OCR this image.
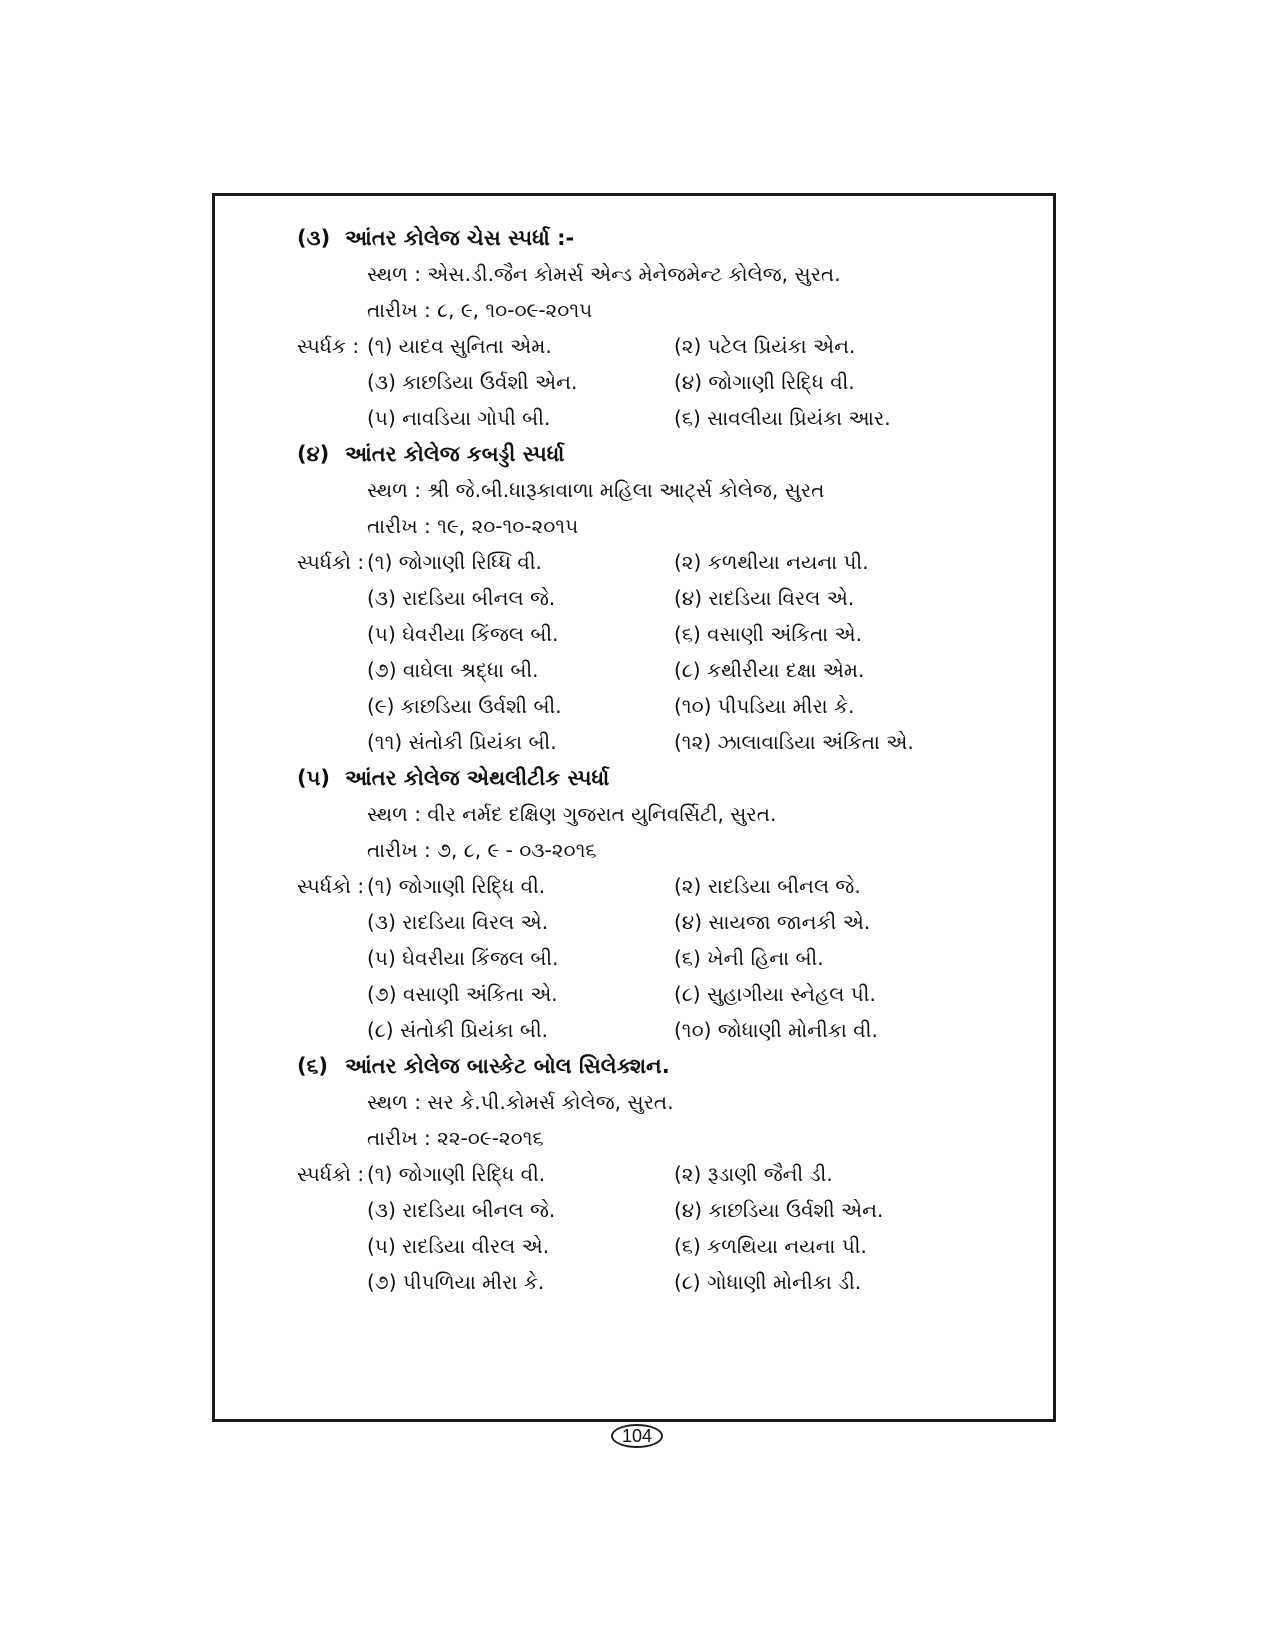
(૩) આંતર કોલેજ ચેસ સ્પર્ધા :-
સ્થળ : એસ.ડી.જૈન કોમર્સ એન્ડ મેનેજમેન્ટ કોલેજ, સુરત.
તારીખ : ૮, ૯, ૧૦-૦૯-૨૦૧૫
સ્પર્ધક : (૧) યાદવ સુનિતા એમ.	(૨) પટેલ પ્રિયંકા એન.
(૩) કાછડિયા ઉર્વશી એન.	(૪) જોગાણી રિદ્ધિ વી.
(૫) નાવડિયા ગોપી બી.	(૬) સાવલીયા પ્રિયંકા આર.
(૪) આંતર કોલેજ કબડ્ડી સ્પર્ધા
સ્થળ : શ્રી જે.બી.ધારૂકાવાળા મહિલા આર્ટ્સ કોલેજ, સુરત
તારીખ : ૧૯, ૨૦-૧૦-૨૦૧૫
સ્પર્ધકો : (૧) જોગાણી રિધ્ધિ વી.	(૨) કળથીયા નયના પી.
(૩) રાદડિયા બીનલ જે.	(૪) રાદડિયા વિરલ એ.
(૫) ઘેવરીયા કિંજલ બી.	(૬) વસાણી અંકિતા એ.
(૭) વાઘેલા શ્રદ્ધા બી.	(૮) કથીરીયા દક્ષા એમ.
(૯) કાછડિયા ઉર્વશી બી.	(૧૦) પીપડિયા મીરા કે.
(૧૧) સંતોકી પ્રિયંકા બી.	(૧૨) ઝાલાવાડિયા અંકિતા એ.
(૫) આંતર કોલેજ એથલીટીક સ્પર્ધા
સ્થળ : વીર નર્મદ દક્ષિણ ગુજરાત યુનિવર્સિટી, સુરત.
તારીખ : ૭, ૮, ૯ - ૦૩-૨૦૧૬
સ્પર્ધકો : (૧) જોગાણી રિદ્ધિ વી.	(૨) રાદડિયા બીનલ જે.
(૩) રાદડિયા વિરલ એ.	(૪) સાયજા જાનકી એ.
(૫) ઘેવરીયા કિંજલ બી.	(૬) ખેની હિના બી.
(૭) વસાણી અંકિતા એ.	(૮) સુહાગીયા સ્નેહલ પી.
(૮) સંતોકી પ્રિયંકા બી.	(૧૦) જોધાણી મોનીકા વી.
(૬) આંતર કોલેજ બાસ્કેટ બોલ સિલેક્શન.
સ્થળ : સર કે.પી.કોમર્સ કોલેજ, સુરત.
તારીખ : ૨૨-૦૯-૨૦૧૬
સ્પર્ધકો : (૧) જોગાણી રિદ્ધિ વી.	(૨) રૂડાણી જૈની ડી.
(૩) રાદડિયા બીનલ જે.	(૪) કાછડિયા ઉર્વશી એન.
(૫) રાદડિયા વીરલ એ.	(૬) કળથિયા નયના પી.
(૭) પીપળિયા મીરા કે.	(૮) ગોધાણી મોનીકા ડી.
104
